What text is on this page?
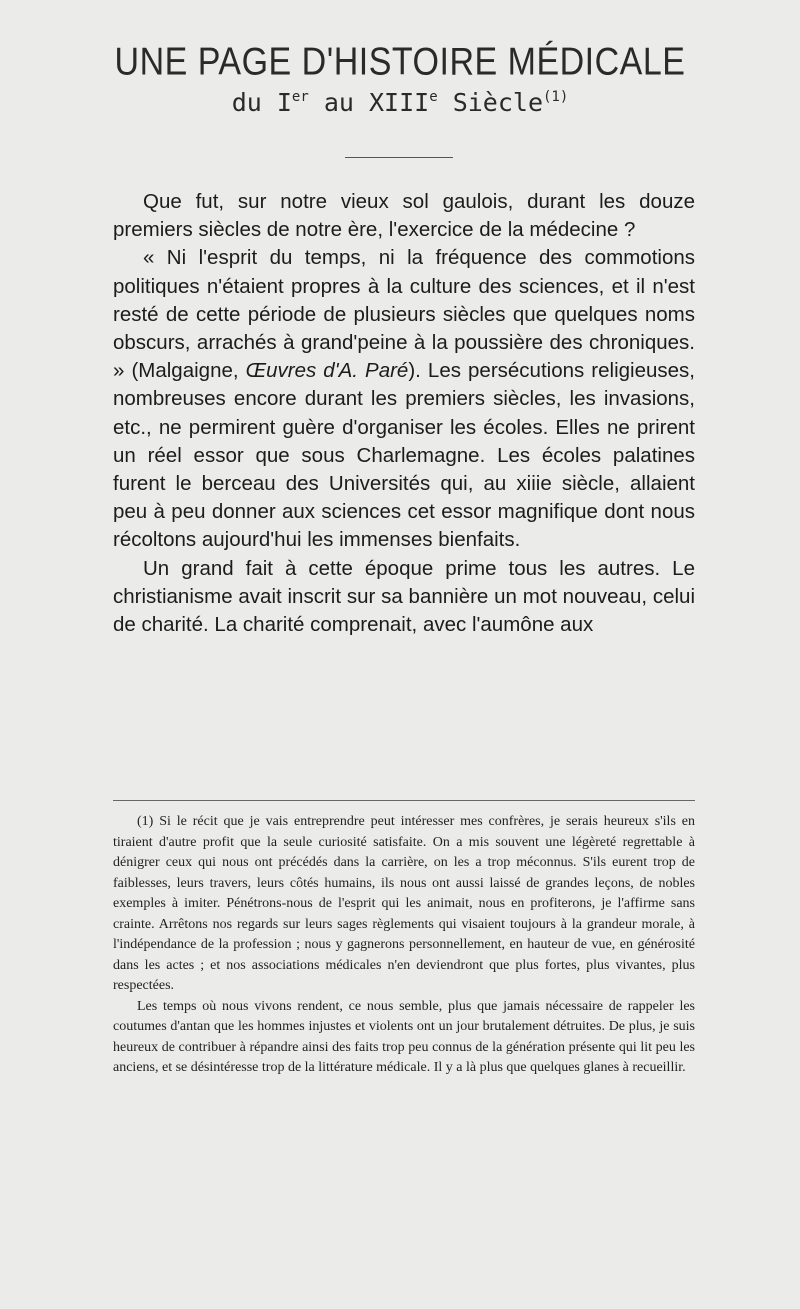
UNE PAGE D'HISTOIRE MÉDICALE
du Ier au XIIIe Siècle$^{(1)}$

Que fut, sur notre vieux sol gaulois, durant les douze premiers siècles de notre ère, l'exercice de la médecine ?

« Ni l'esprit du temps, ni la fréquence des commotions politiques n'étaient propres à la culture des sciences, et il n'est resté de cette période de plusieurs siècles que quelques noms obscurs, arrachés à grand'peine à la poussière des chroniques. » (Malgaigne, Œuvres d'A. Paré). Les persécutions religieuses, nombreuses encore durant les premiers siècles, les invasions, etc., ne permirent guère d'organiser les écoles. Elles ne prirent un réel essor que sous Charlemagne. Les écoles palatines furent le berceau des Universités qui, au xiiie siècle, allaient peu à peu donner aux sciences cet essor magnifique dont nous récoltons aujourd'hui les immenses bienfaits.

Un grand fait à cette époque prime tous les autres. Le christianisme avait inscrit sur sa bannière un mot nouveau, celui de charité. La charité comprenait, avec l'aumône aux

(1) Si le récit que je vais entreprendre peut intéresser mes confrères, je serais heureux s'ils en tiraient d'autre profit que la seule curiosité satisfaite. On a mis souvent une légèreté regrettable à dénigrer ceux qui nous ont précédés dans la carrière, on les a trop méconnus. S'ils eurent trop de faiblesses, leurs travers, leurs côtés humains, ils nous ont aussi laissé de grandes leçons, de nobles exemples à imiter. Pénétrons-nous de l'esprit qui les animait, nous en profiterons, je l'affirme sans crainte. Arrêtons nos regards sur leurs sages règlements qui visaient toujours à la grandeur morale, à l'indépendance de la profession ; nous y gagnerons personnellement, en hauteur de vue, en générosité dans les actes ; et nos associations médicales n'en deviendront que plus fortes, plus vivantes, plus respectées.

Les temps où nous vivons rendent, ce nous semble, plus que jamais nécessaire de rappeler les coutumes d'antan que les hommes injustes et violents ont un jour brutalement détruites. De plus, je suis heureux de contribuer à répandre ainsi des faits trop peu connus de la génération présente qui lit peu les anciens, et se désintéresse trop de la littérature médicale. Il y a là plus que quelques glanes à recueillir.
